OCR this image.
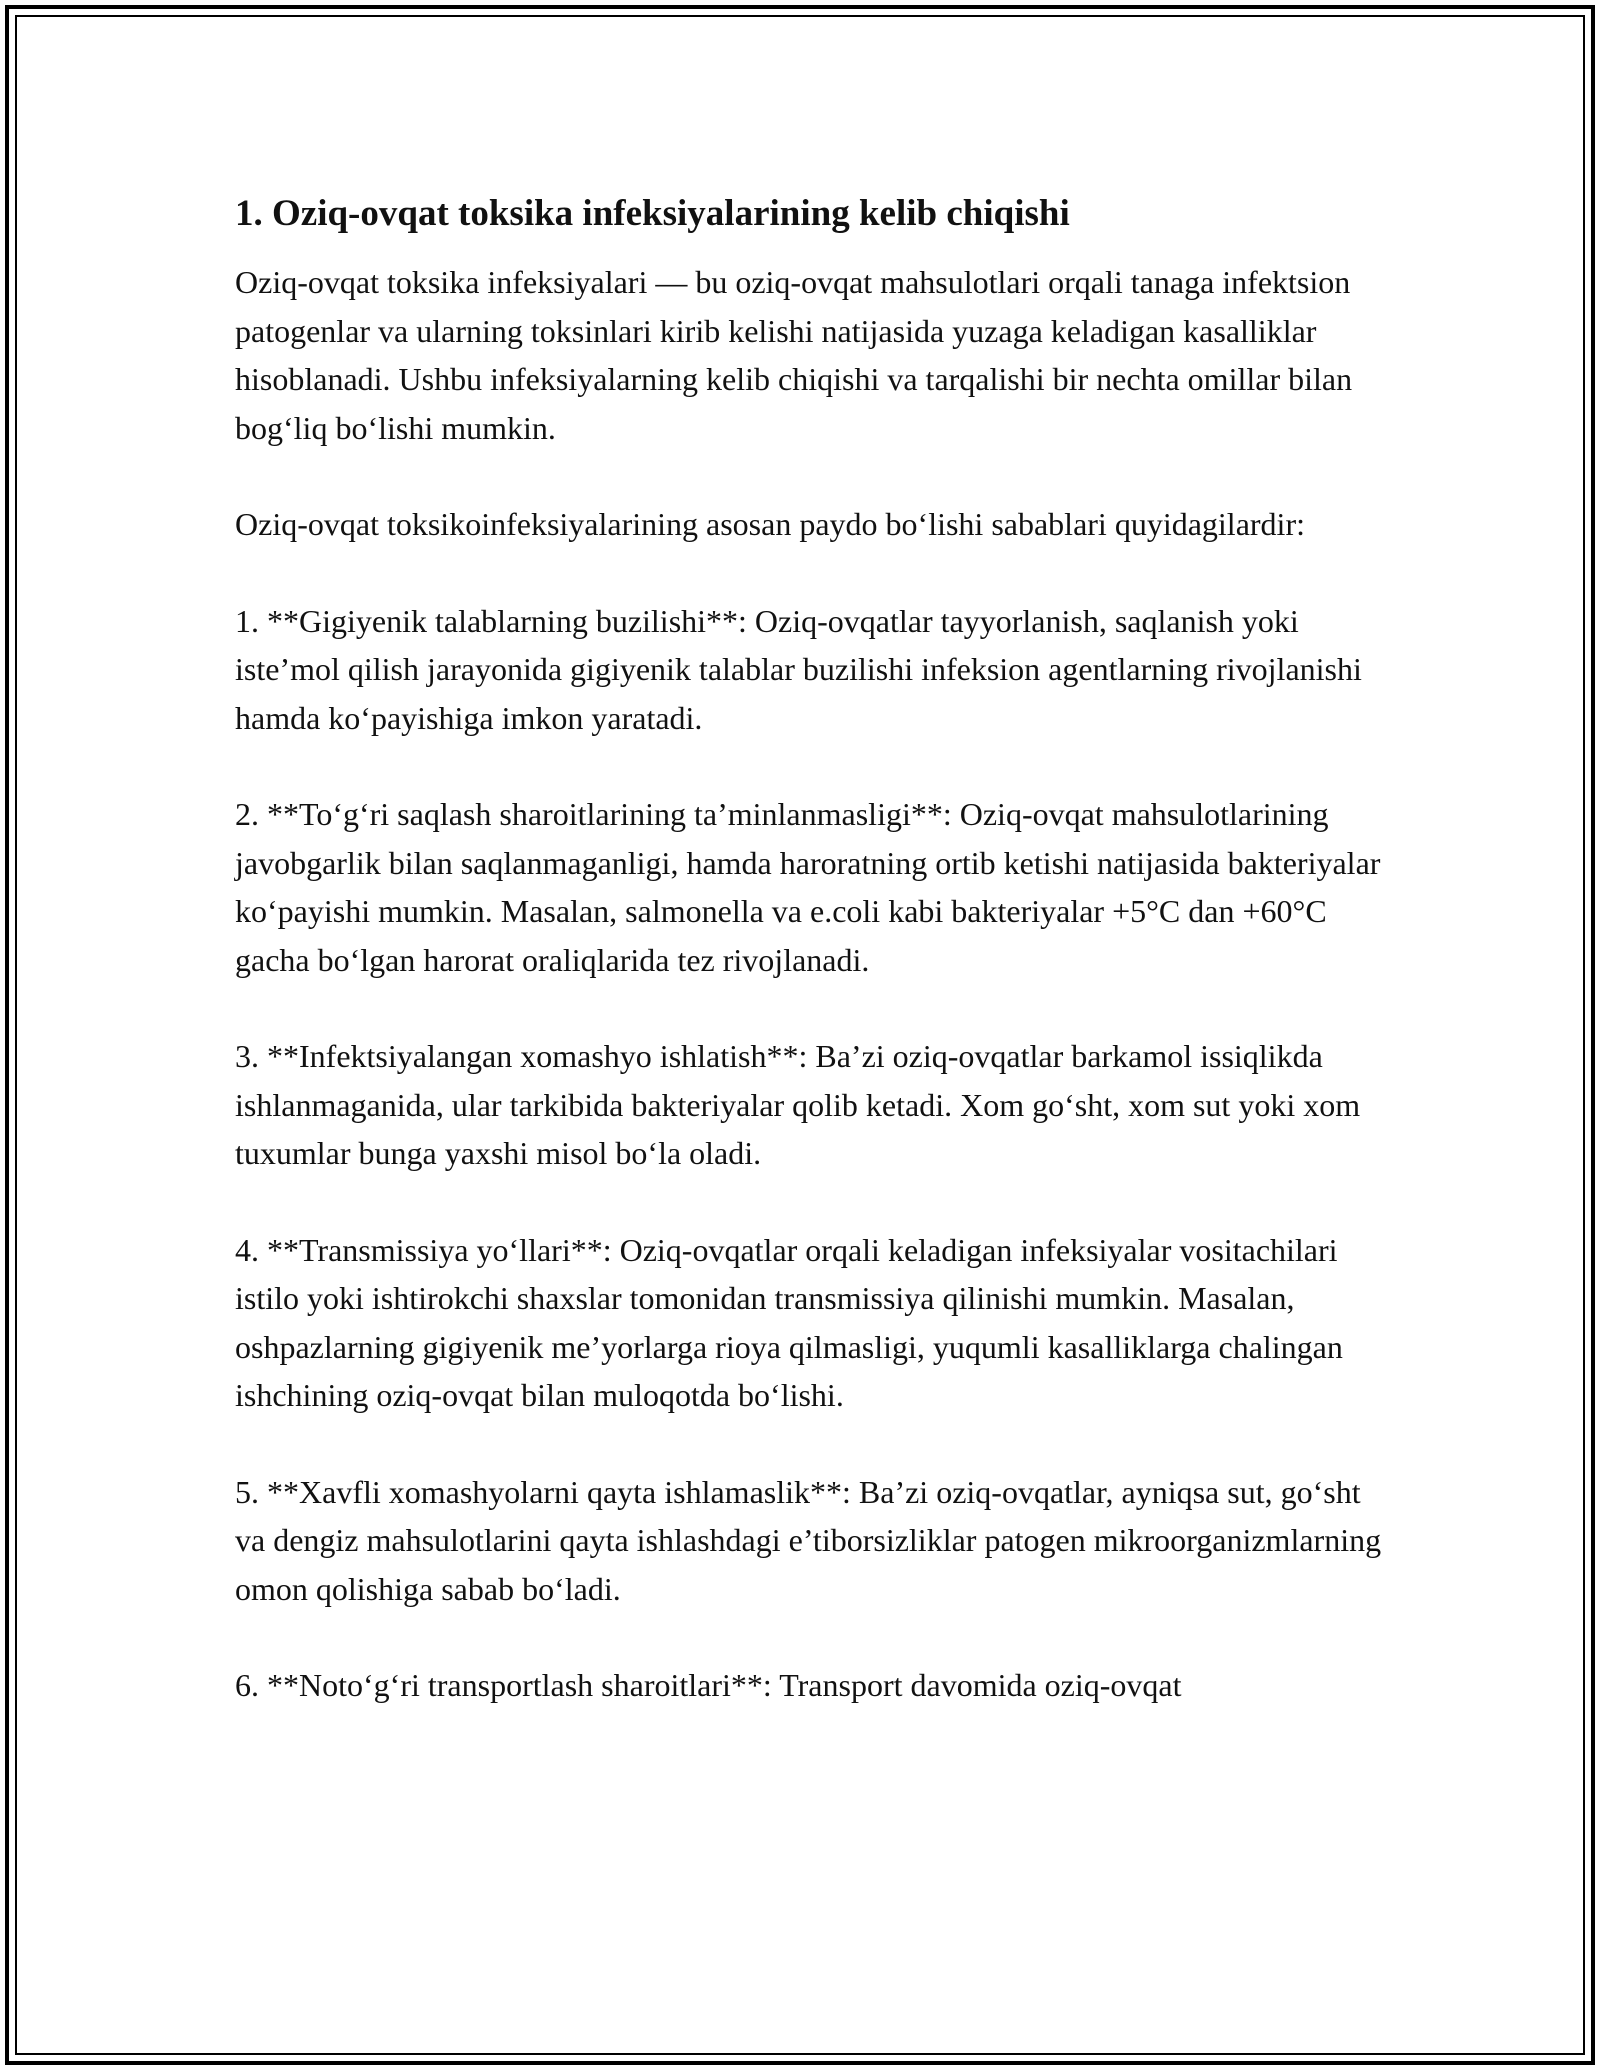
1. Oziq-ovqat toksika infeksiyalarining kelib chiqishi

Oziq-ovqat toksika infeksiyalari — bu oziq-ovqat mahsulotlari orqali tanaga infektsion patogenlar va ularning toksinlari kirib kelishi natijasida yuzaga keladigan kasalliklar hisoblanadi. Ushbu infeksiyalarning kelib chiqishi va tarqalishi bir nechta omillar bilan bog‘liq bo‘lishi mumkin.

Oziq-ovqat toksikoinfeksiyalarining asosan paydo bo‘lishi sabablari quyidagilardir:

1. **Gigiyenik talablarning buzilishi**: Oziq-ovqatlar tayyorlanish, saqlanish yoki iste’mol qilish jarayonida gigiyenik talablar buzilishi infeksion agentlarning rivojlanishi hamda ko‘payishiga imkon yaratadi.

2. **To‘g‘ri saqlash sharoitlarining ta’minlanmasligi**: Oziq-ovqat mahsulotlarining javobgarlik bilan saqlanmaganligi, hamda haroratning ortib ketishi natijasida bakteriyalar ko‘payishi mumkin. Masalan, salmonella va e.coli kabi bakteriyalar +5°C dan +60°C gacha bo‘lgan harorat oraliqlarida tez rivojlanadi.

3. **Infektsiyalangan xomashyo ishlatish**: Ba’zi oziq-ovqatlar barkamol issiqlikda ishlanmaganida, ular tarkibida bakteriyalar qolib ketadi. Xom go‘sht, xom sut yoki xom tuxumlar bunga yaxshi misol bo‘la oladi.

4. **Transmissiya yo‘llari**: Oziq-ovqatlar orqali keladigan infeksiyalar vositachilari istilo yoki ishtirokchi shaxslar tomonidan transmissiya qilinishi mumkin. Masalan, oshpazlarning gigiyenik me’yorlarga rioya qilmasligi, yuqumli kasalliklarga chalingan ishchining oziq-ovqat bilan muloqotda bo‘lishi.

5. **Xavfli xomashyolarni qayta ishlamaslik**: Ba’zi oziq-ovqatlar, ayniqsa sut, go‘sht va dengiz mahsulotlarini qayta ishlashdagi e’tiborsizliklar patogen mikroorganizmlarning omon qolishiga sabab bo‘ladi.

6. **Noto‘g‘ri transportlash sharoitlari**: Transport davomida oziq-ovqat
